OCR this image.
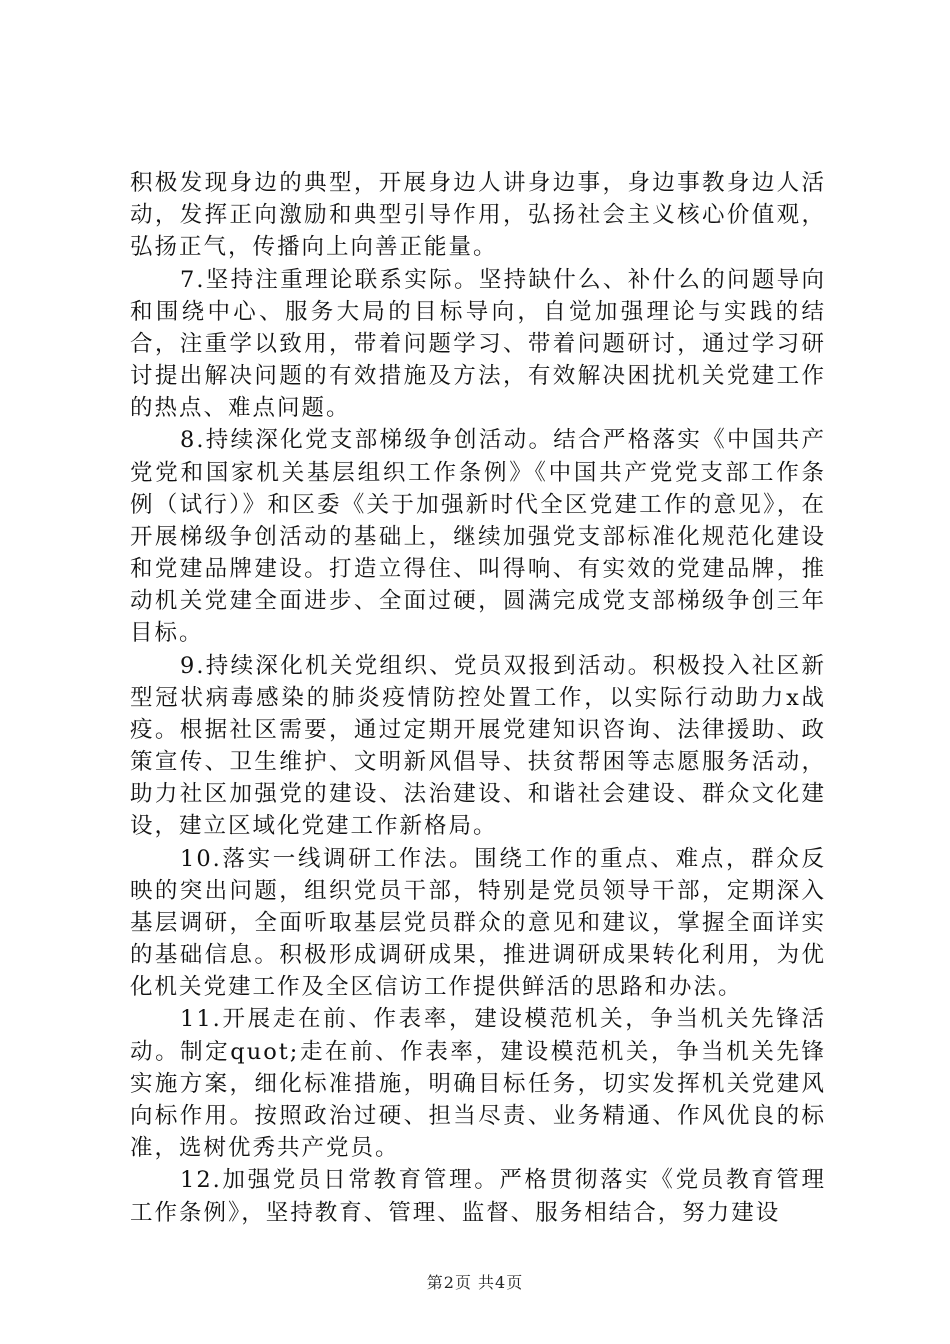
积极发现身边的典型，开展身边人讲身边事，身边事教身边人活动，发挥正向激励和典型引导作用，弘扬社会主义核心价值观，弘扬正气，传播向上向善正能量。

7.坚持注重理论联系实际。坚持缺什么、补什么的问题导向和围绕中心、服务大局的目标导向，自觉加强理论与实践的结合，注重学以致用，带着问题学习、带着问题研讨，通过学习研讨提出解决问题的有效措施及方法，有效解决困扰机关党建工作的热点、难点问题。

8.持续深化党支部梯级争创活动。结合严格落实《中国共产党党和国家机关基层组织工作条例》《中国共产党党支部工作条例（试行）》和区委《关于加强新时代全区党建工作的意见》，在开展梯级争创活动的基础上，继续加强党支部标准化规范化建设和党建品牌建设。打造立得住、叫得响、有实效的党建品牌，推动机关党建全面进步、全面过硬，圆满完成党支部梯级争创三年目标。

9.持续深化机关党组织、党员双报到活动。积极投入社区新型冠状病毒感染的肺炎疫情防控处置工作，以实际行动助力x战疫。根据社区需要，通过定期开展党建知识咨询、法律援助、政策宣传、卫生维护、文明新风倡导、扶贫帮困等志愿服务活动，助力社区加强党的建设、法治建设、和谐社会建设、群众文化建设，建立区域化党建工作新格局。

10.落实一线调研工作法。围绕工作的重点、难点，群众反映的突出问题，组织党员干部，特别是党员领导干部，定期深入基层调研，全面听取基层党员群众的意见和建议，掌握全面详实的基础信息。积极形成调研成果，推进调研成果转化利用，为优化机关党建工作及全区信访工作提供鲜活的思路和办法。

11.开展走在前、作表率，建设模范机关，争当机关先锋活动。制定quot;走在前、作表率，建设模范机关，争当机关先锋实施方案，细化标准措施，明确目标任务，切实发挥机关党建风向标作用。按照政治过硬、担当尽责、业务精通、作风优良的标准，选树优秀共产党员。

12.加强党员日常教育管理。严格贯彻落实《党员教育管理工作条例》，坚持教育、管理、监督、服务相结合，努力建设

第2页 共4页
